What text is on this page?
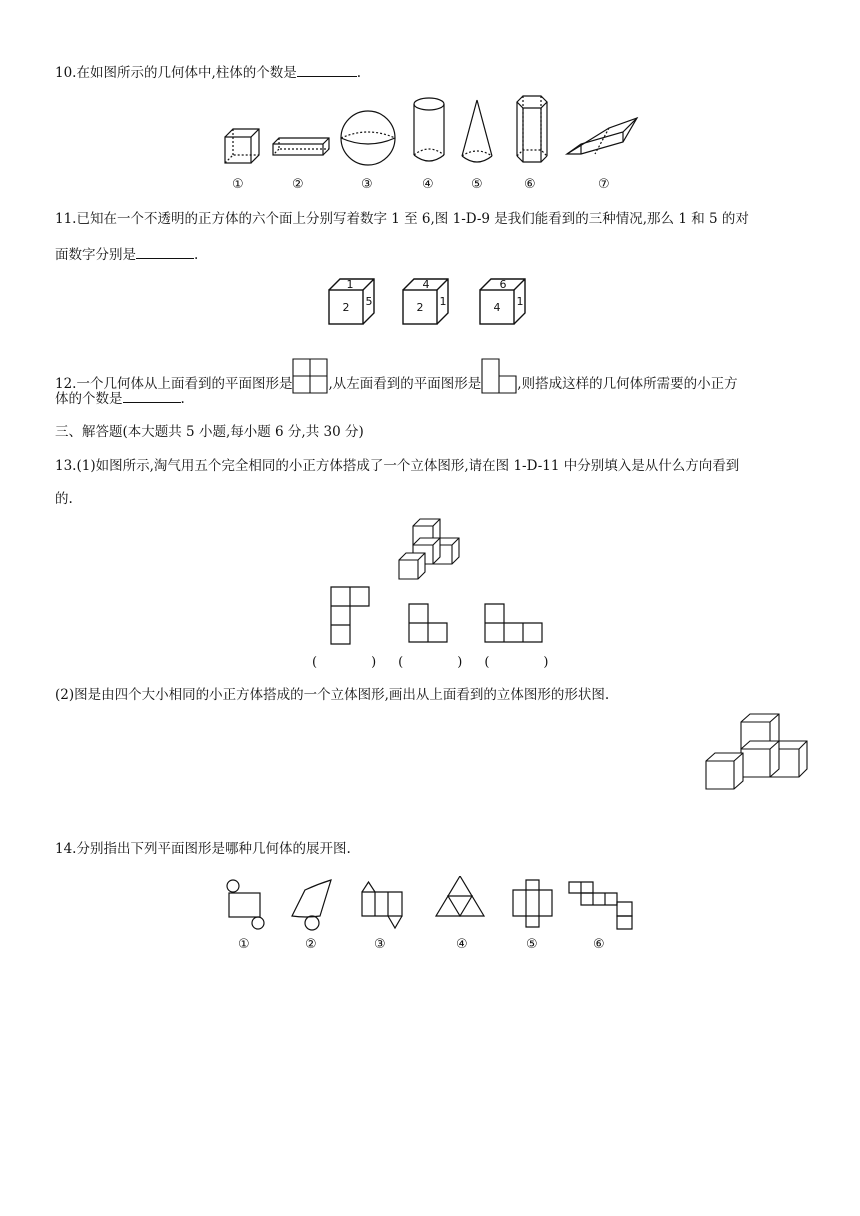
10.在如图所示的几何体中,柱体的个数是	.
①	②	③	④	⑤	⑥	⑦
11.已知在一个不透明的正方体的六个面上分别写着数字 1 至 6,图 1-D-9 是我们能看到的三种情况,那么 1 和 5 的对
面数字分别是	.
1
2 5
4
2 1
6
4 1
12.一个几何体从上面看到的平面图形是	,从左面看到的平面图形是	,则搭成这样的几何体所需要的小正方
体的个数是	.
三、解答题(本大题共 5 小题,每小题 6 分,共 30 分)
13.(1)如图所示,淘气用五个完全相同的小正方体搭成了一个立体图形,请在图 1-D-11 中分别填入是从什么方向看到
的.
(	) (	) (	)
(2)图是由四个大小相同的小正方体搭成的一个立体图形,画出从上面看到的立体图形的形状图.
14.分别指出下列平面图形是哪种几何体的展开图.
①	②	③	④	⑤	⑥
